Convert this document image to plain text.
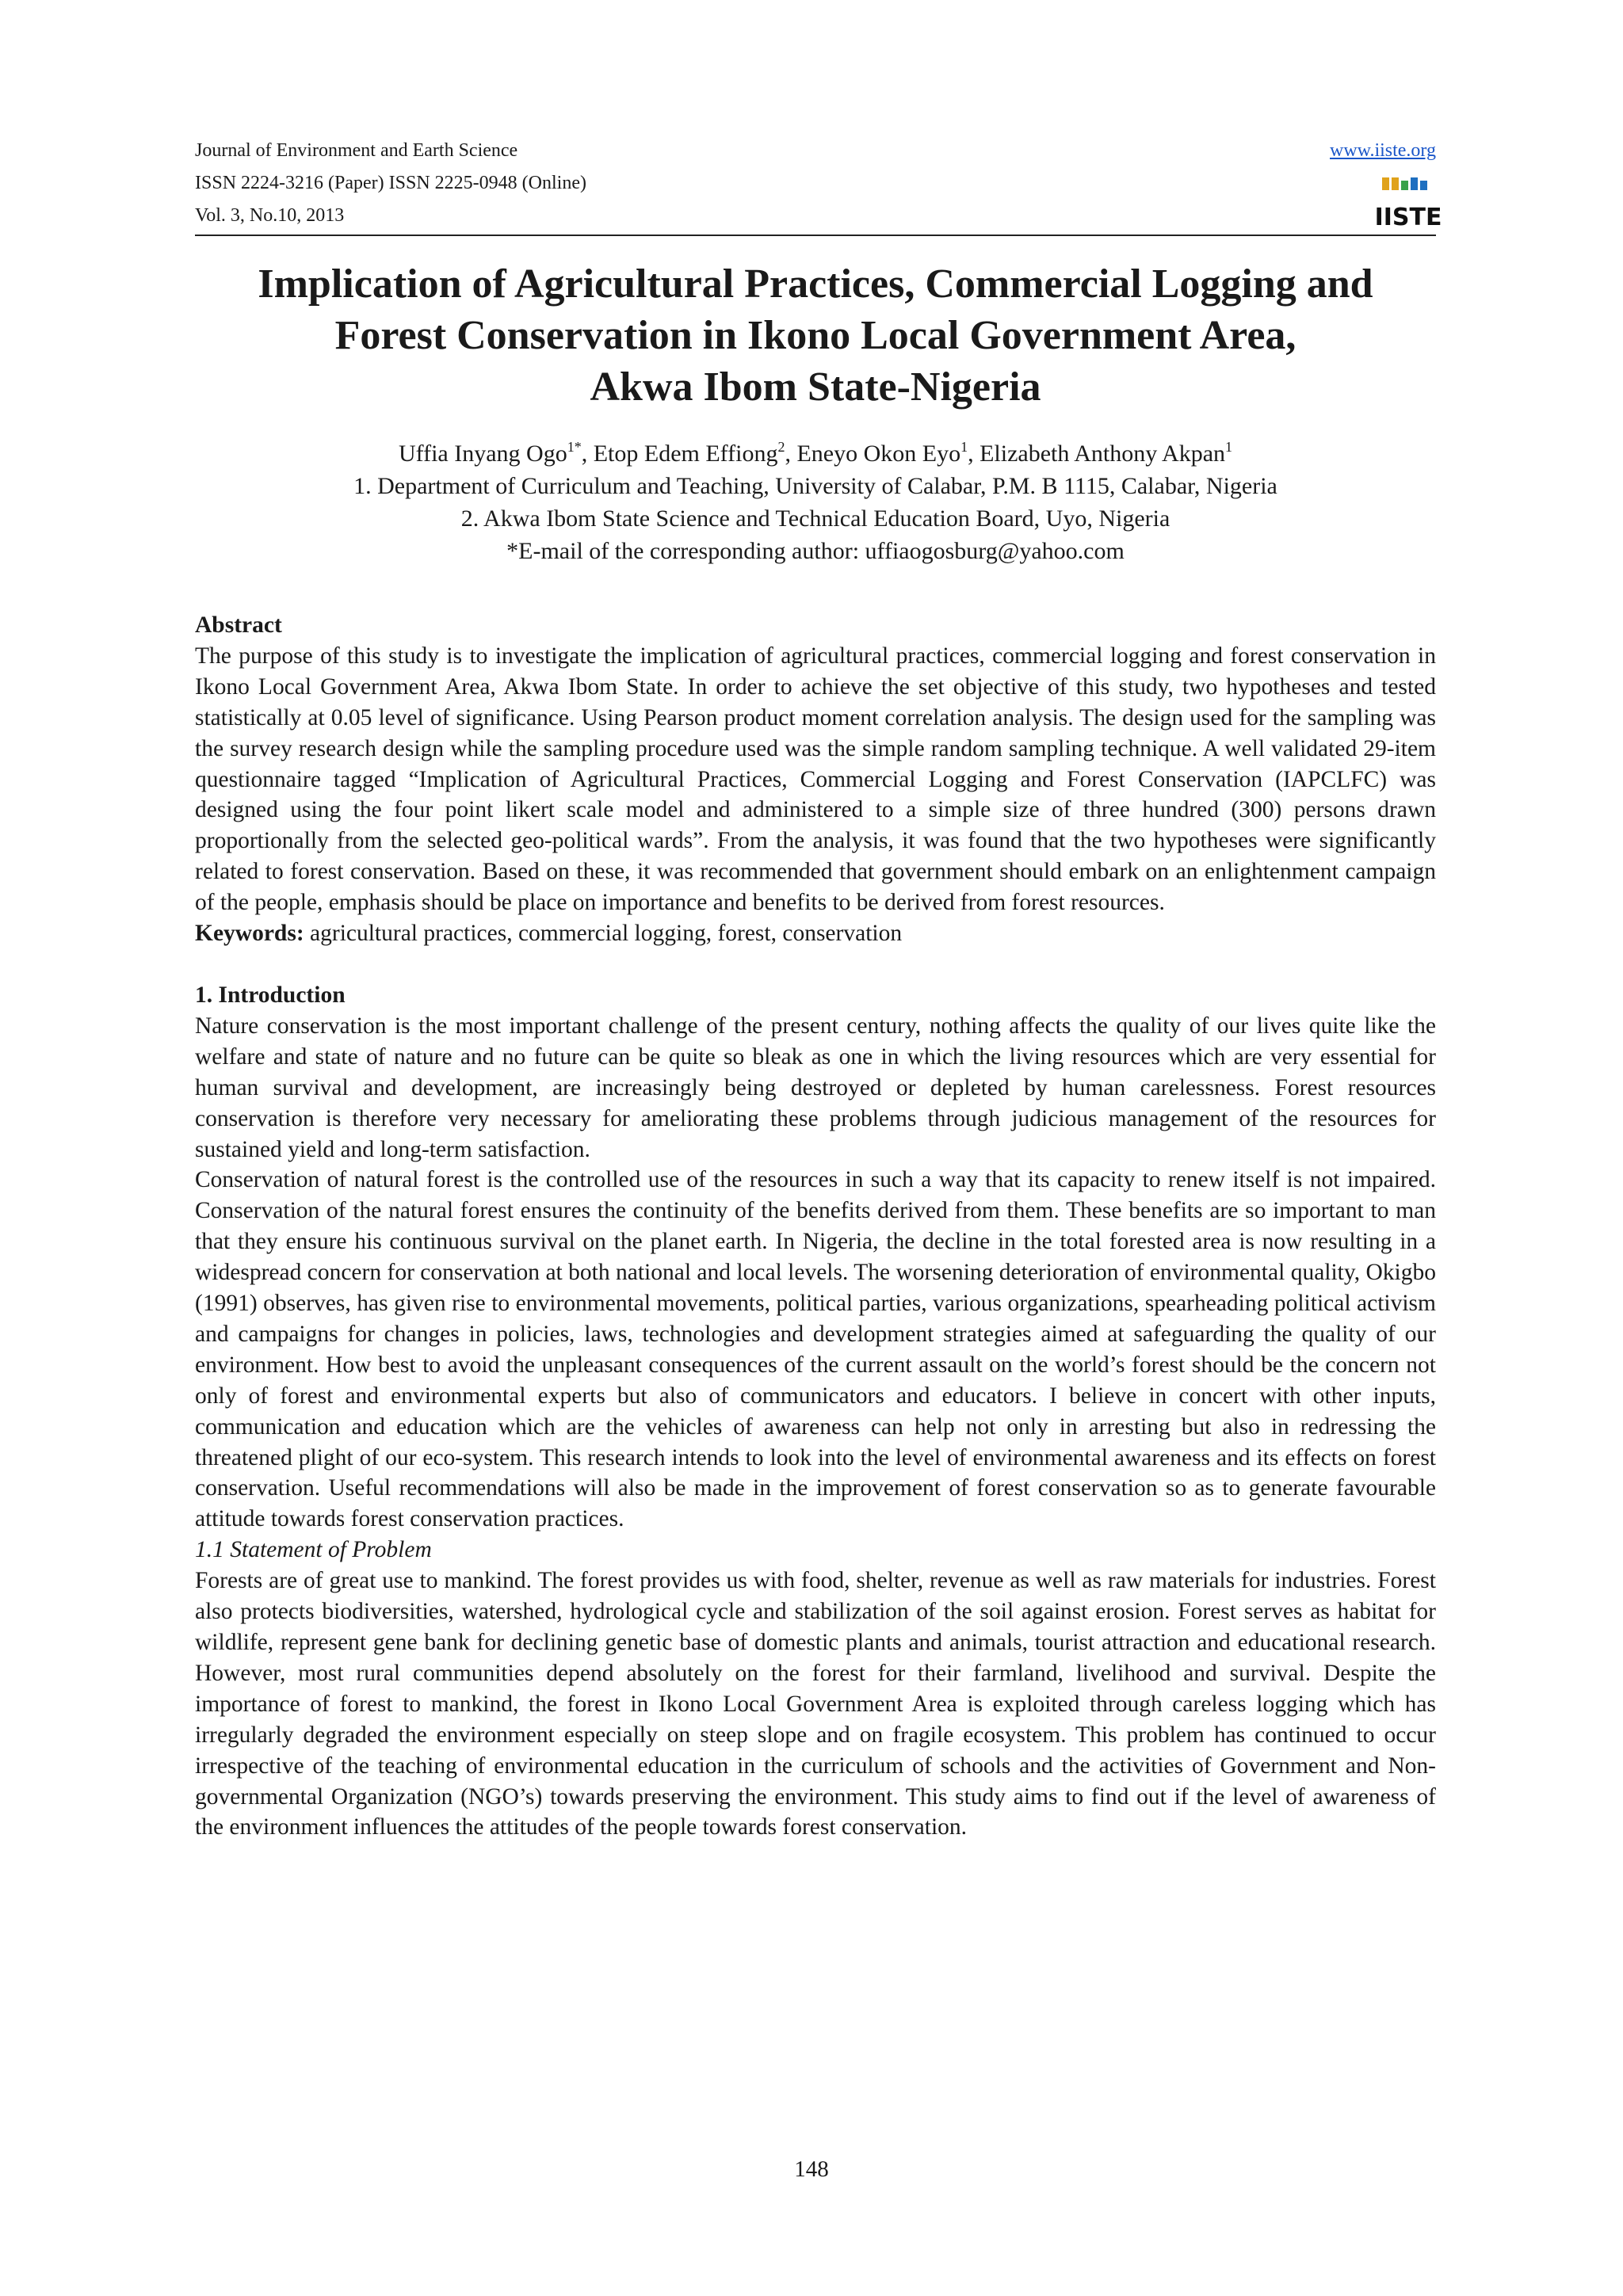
Journal of Environment and Earth Science
ISSN 2224-3216 (Paper) ISSN 2225-0948 (Online)
Vol. 3, No.10, 2013
www.iiste.org
IISTE
Implication of Agricultural Practices, Commercial Logging and
Forest Conservation in Ikono Local Government Area,
Akwa Ibom State-Nigeria
Uffia Inyang Ogo$^{1*}$, Etop Edem Effiong$^2$, Eneyo Okon Eyo$^1$, Elizabeth Anthony Akpan$^1$
1. Department of Curriculum and Teaching, University of Calabar, P.M. B 1115, Calabar, Nigeria
2. Akwa Ibom State Science and Technical Education Board, Uyo, Nigeria
*E-mail of the corresponding author: uffiaogosburg@yahoo.com

Abstract

The purpose of this study is to investigate the implication of agricultural practices, commercial logging and forest conservation in Ikono Local Government Area, Akwa Ibom State. In order to achieve the set objective of this study, two hypotheses and tested statistically at 0.05 level of significance. Using Pearson product moment correlation analysis. The design used for the sampling was the survey research design while the sampling procedure used was the simple random sampling technique. A well validated 29-item questionnaire tagged “Implication of Agricultural Practices, Commercial Logging and Forest Conservation (IAPCLFC) was designed using the four point likert scale model and administered to a simple size of three hundred (300) persons drawn proportionally from the selected geo-political wards”. From the analysis, it was found that the two hypotheses were significantly related to forest conservation. Based on these, it was recommended that government should embark on an enlightenment campaign of the people, emphasis should be place on importance and benefits to be derived from forest resources.

Keywords: agricultural practices, commercial logging, forest, conservation

1. Introduction

Nature conservation is the most important challenge of the present century, nothing affects the quality of our lives quite like the welfare and state of nature and no future can be quite so bleak as one in which the living resources which are very essential for human survival and development, are increasingly being destroyed or depleted by human carelessness. Forest resources conservation is therefore very necessary for ameliorating these problems through judicious management of the resources for sustained yield and long-term satisfaction.

Conservation of natural forest is the controlled use of the resources in such a way that its capacity to renew itself is not impaired. Conservation of the natural forest ensures the continuity of the benefits derived from them. These benefits are so important to man that they ensure his continuous survival on the planet earth. In Nigeria, the decline in the total forested area is now resulting in a widespread concern for conservation at both national and local levels. The worsening deterioration of environmental quality, Okigbo (1991) observes, has given rise to environmental movements, political parties, various organizations, spearheading political activism and campaigns for changes in policies, laws, technologies and development strategies aimed at safeguarding the quality of our environment. How best to avoid the unpleasant consequences of the current assault on the world’s forest should be the concern not only of forest and environmental experts but also of communicators and educators. I believe in concert with other inputs, communication and education which are the vehicles of awareness can help not only in arresting but also in redressing the threatened plight of our eco-system. This research intends to look into the level of environmental awareness and its effects on forest conservation. Useful recommendations will also be made in the improvement of forest conservation so as to generate favourable attitude towards forest conservation practices.

1.1 Statement of Problem

Forests are of great use to mankind. The forest provides us with food, shelter, revenue as well as raw materials for industries. Forest also protects biodiversities, watershed, hydrological cycle and stabilization of the soil against erosion. Forest serves as habitat for wildlife, represent gene bank for declining genetic base of domestic plants and animals, tourist attraction and educational research. However, most rural communities depend absolutely on the forest for their farmland, livelihood and survival. Despite the importance of forest to mankind, the forest in Ikono Local Government Area is exploited through careless logging which has irregularly degraded the environment especially on steep slope and on fragile ecosystem. This problem has continued to occur irrespective of the teaching of environmental education in the curriculum of schools and the activities of Government and Non-governmental Organization (NGO’s) towards preserving the environment. This study aims to find out if the level of awareness of the environment influences the attitudes of the people towards forest conservation.

148
